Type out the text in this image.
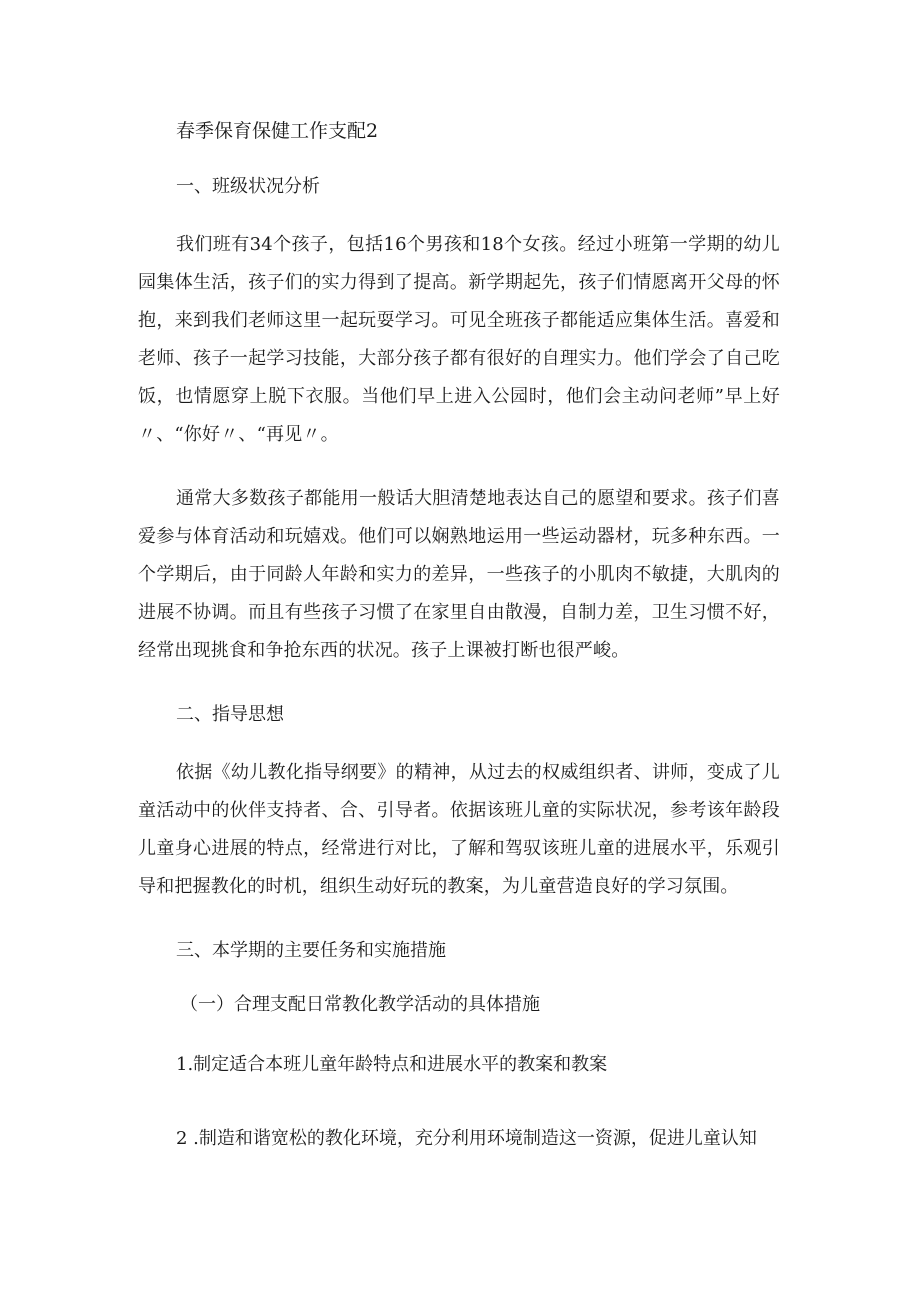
春季保育保健工作支配2
一、班级状况分析

我们班有34个孩子，包括16个男孩和18个女孩。经过小班第一学期的幼儿园集体生活，孩子们的实力得到了提高。新学期起先，孩子们情愿离开父母的怀抱，来到我们老师这里一起玩耍学习。可见全班孩子都能适应集体生活。喜爱和老师、孩子一起学习技能，大部分孩子都有很好的自理实力。他们学会了自己吃饭，也情愿穿上脱下衣服。当他们早上进入公园时，他们会主动问老师”早上好〃、“你好〃、“再见〃。

通常大多数孩子都能用一般话大胆清楚地表达自己的愿望和要求。孩子们喜爱参与体育活动和玩嬉戏。他们可以娴熟地运用一些运动器材，玩多种东西。一个学期后，由于同龄人年龄和实力的差异，一些孩子的小肌肉不敏捷，大肌肉的进展不协调。而且有些孩子习惯了在家里自由散漫，自制力差，卫生习惯不好，经常出现挑食和争抢东西的状况。孩子上课被打断也很严峻。

二、指导思想

依据《幼儿教化指导纲要》的精神，从过去的权威组织者、讲师，变成了儿童活动中的伙伴支持者、合、引导者。依据该班儿童的实际状况，参考该年龄段儿童身心进展的特点，经常进行对比，了解和驾驭该班儿童的进展水平，乐观引导和把握教化的时机，组织生动好玩的教案，为儿童营造良好的学习氛围。

三、本学期的主要任务和实施措施
（一）合理支配日常教化教学活动的具体措施
1.制定适合本班儿童年龄特点和进展水平的教案和教案
2 .制造和谐宽松的教化环境，充分利用环境制造这一资源，促进儿童认知
